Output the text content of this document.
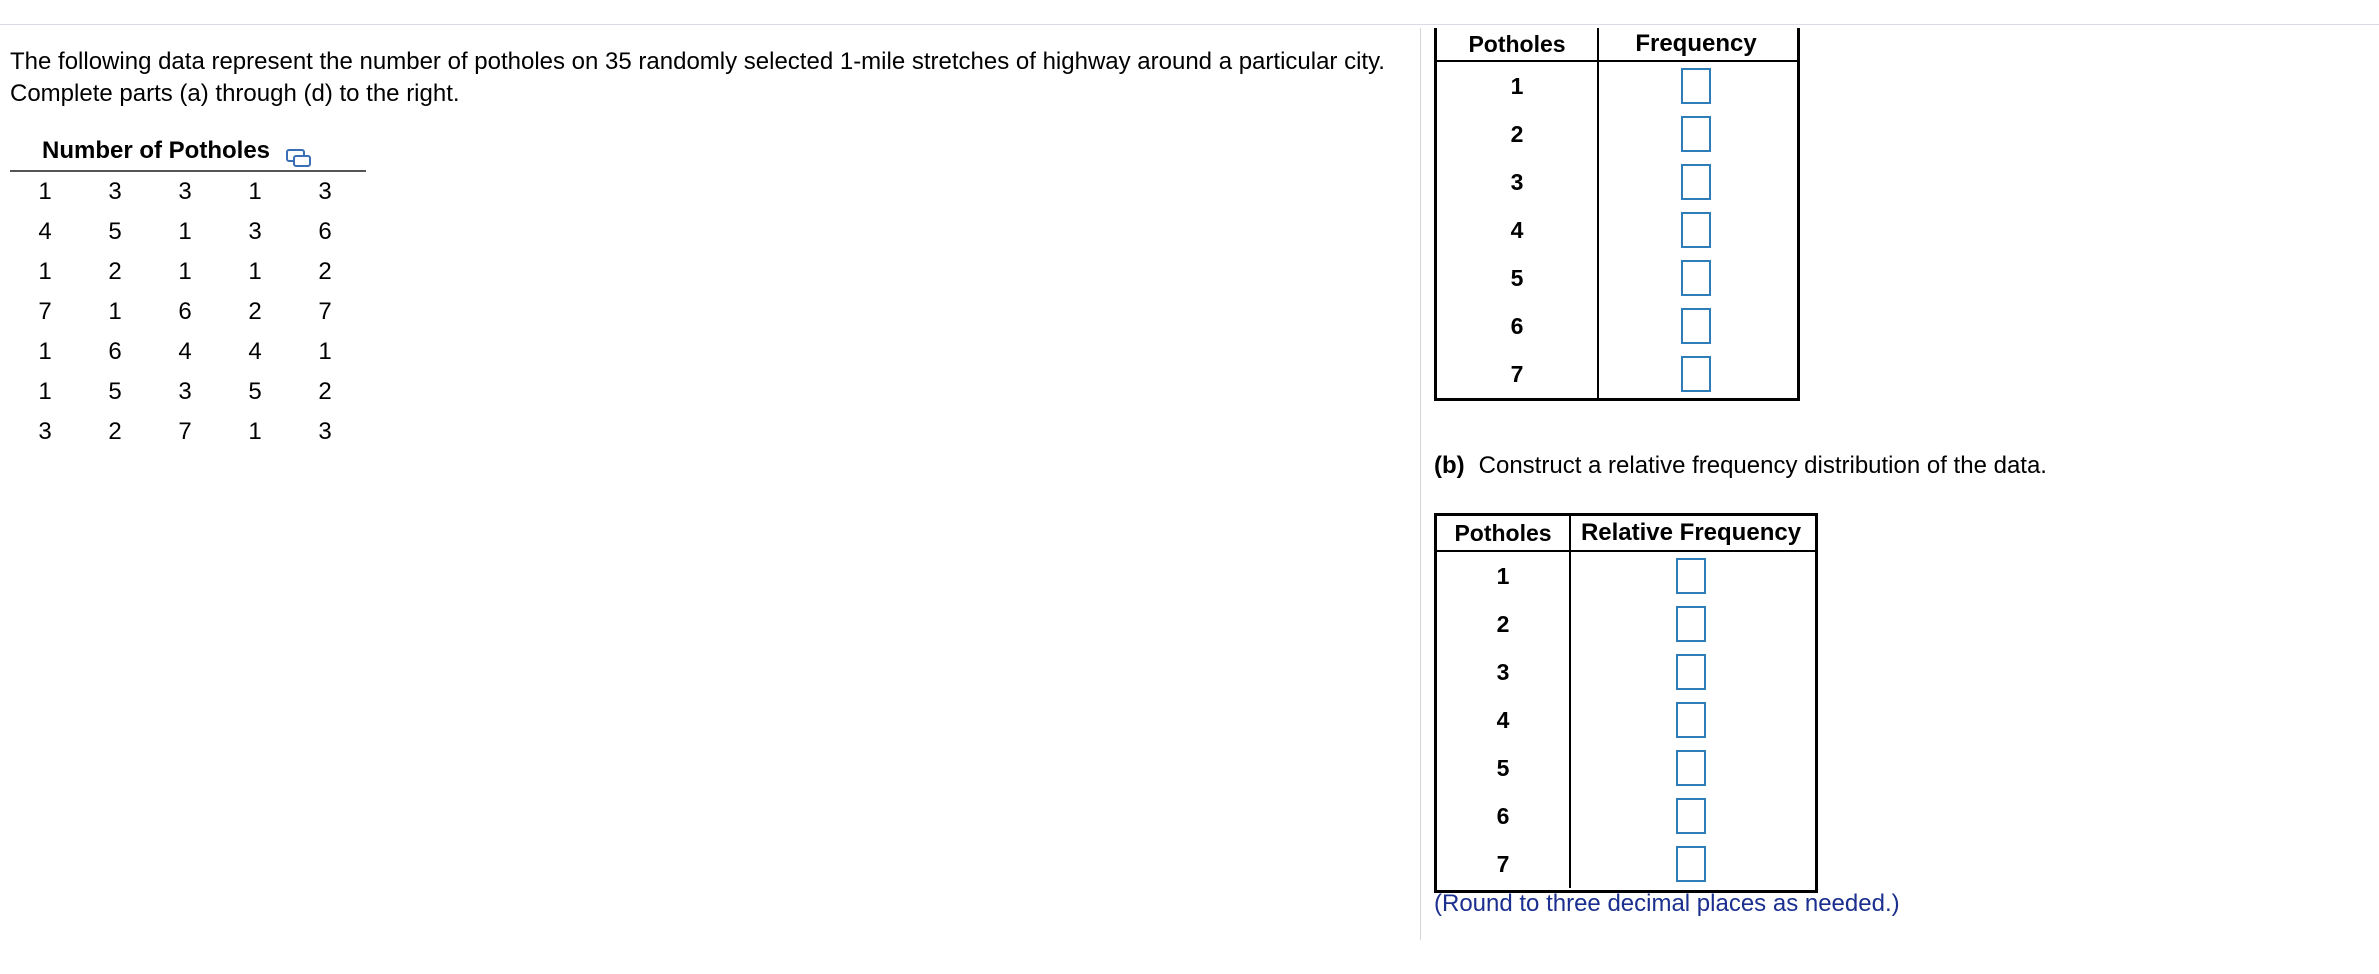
The following data represent the number of potholes on 35 randomly selected 1-mile stretches of highway around a particular city. Complete parts (a) through (d) to the right.
Number of Potholes
1	3	3	1	3
4	5	1	3	6
1	2	1	1	2
7	1	6	2	7
1	6	4	4	1
1	5	3	5	2
3	2	7	1	3
Potholes	Frequency
1
2
3
4
5
6
7
(b) Construct a relative frequency distribution of the data.
Potholes	Relative Frequency
1
2
3
4
5
6
7
(Round to three decimal places as needed.)
